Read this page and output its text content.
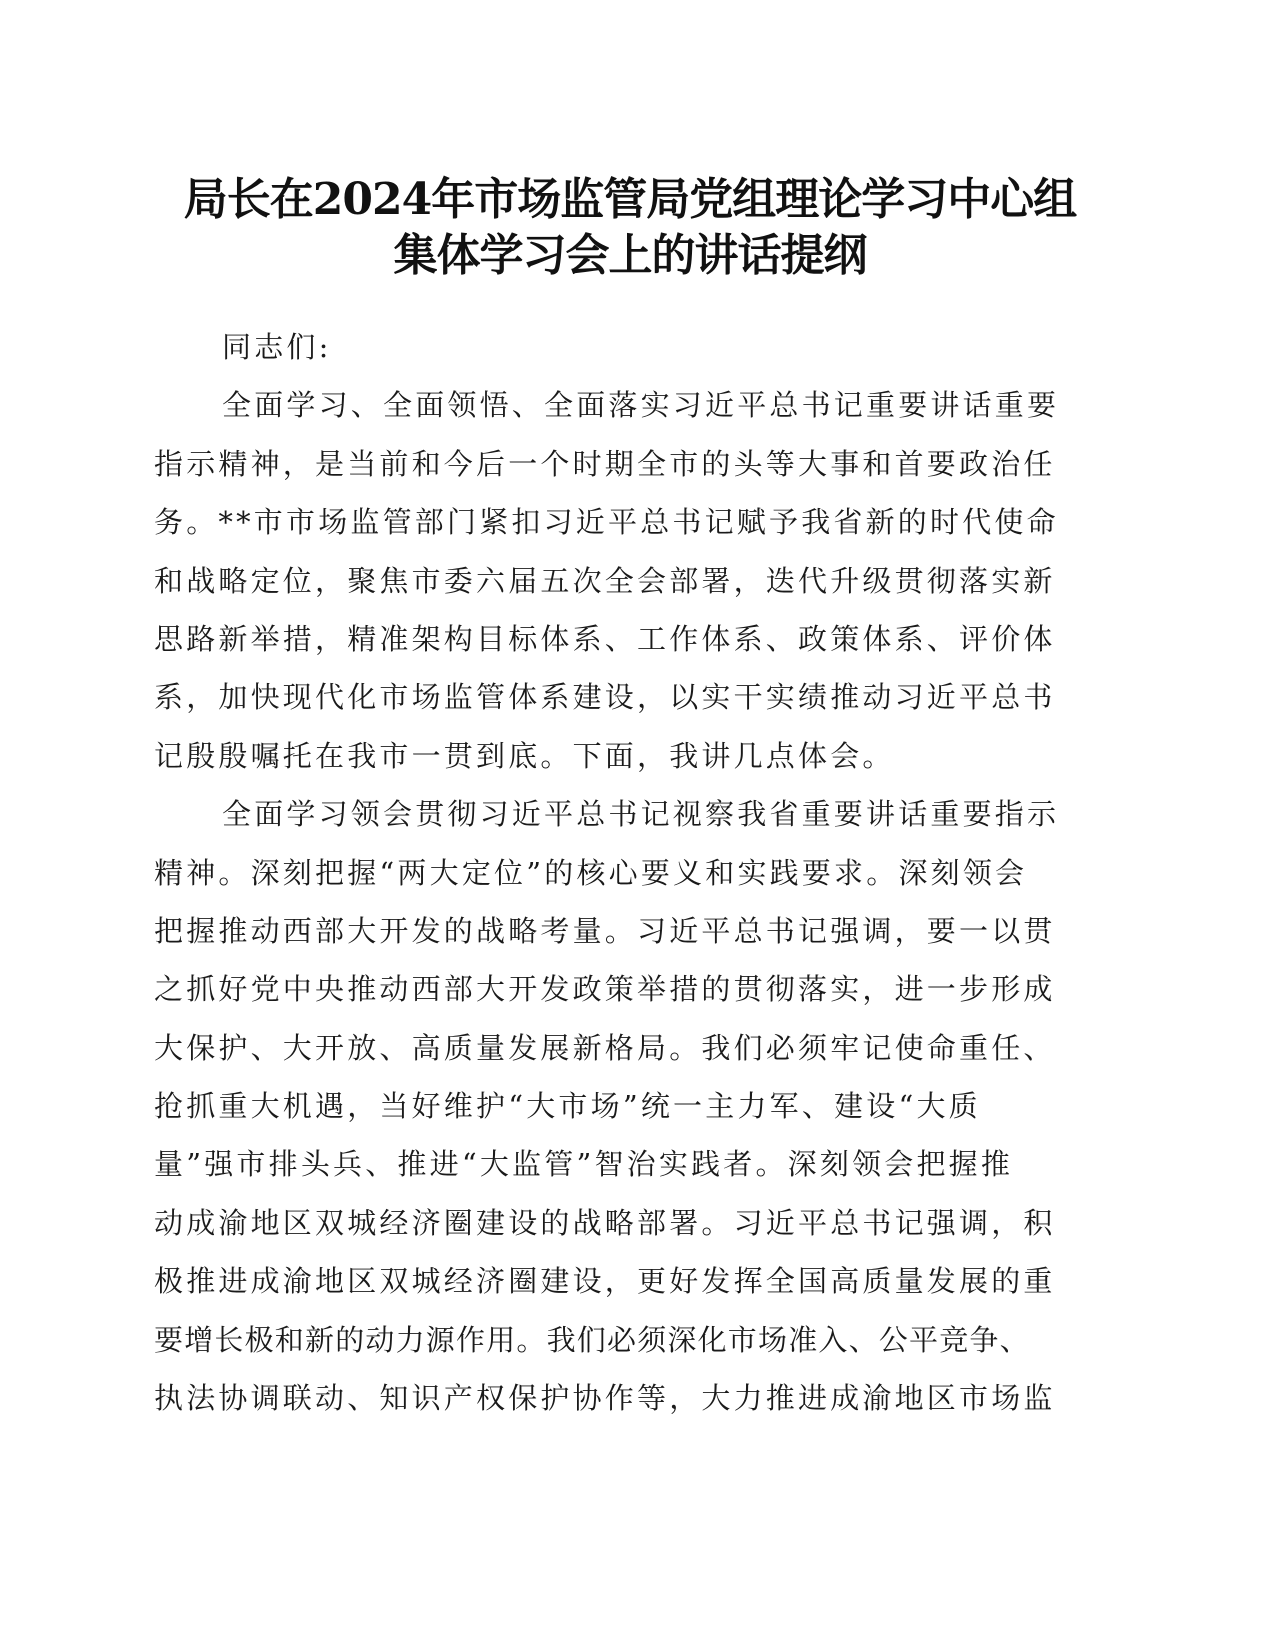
局长在2024年市场监管局党组理论学习中心组
集体学习会上的讲话提纲
同志们:
全面学习、全面领悟、全面落实习近平总书记重要讲话重要
指示精神，是当前和今后一个时期全市的头等大事和首要政治任
务。**市市场监管部门紧扣习近平总书记赋予我省新的时代使命
和战略定位，聚焦市委六届五次全会部署，迭代升级贯彻落实新
思路新举措，精准架构目标体系、工作体系、政策体系、评价体
系，加快现代化市场监管体系建设，以实干实绩推动习近平总书
记殷殷嘱托在我市一贯到底。下面，我讲几点体会。
全面学习领会贯彻习近平总书记视察我省重要讲话重要指示
精神。深刻把握“两大定位”的核心要义和实践要求。深刻领会
把握推动西部大开发的战略考量。习近平总书记强调，要一以贯
之抓好党中央推动西部大开发政策举措的贯彻落实，进一步形成
大保护、大开放、高质量发展新格局。我们必须牢记使命重任、
抢抓重大机遇，当好维护“大市场”统一主力军、建设“大质
量”强市排头兵、推进“大监管”智治实践者。深刻领会把握推
动成渝地区双城经济圈建设的战略部署。习近平总书记强调，积
极推进成渝地区双城经济圈建设，更好发挥全国高质量发展的重
要增长极和新的动力源作用。我们必须深化市场准入、公平竞争、
执法协调联动、知识产权保护协作等，大力推进成渝地区市场监
